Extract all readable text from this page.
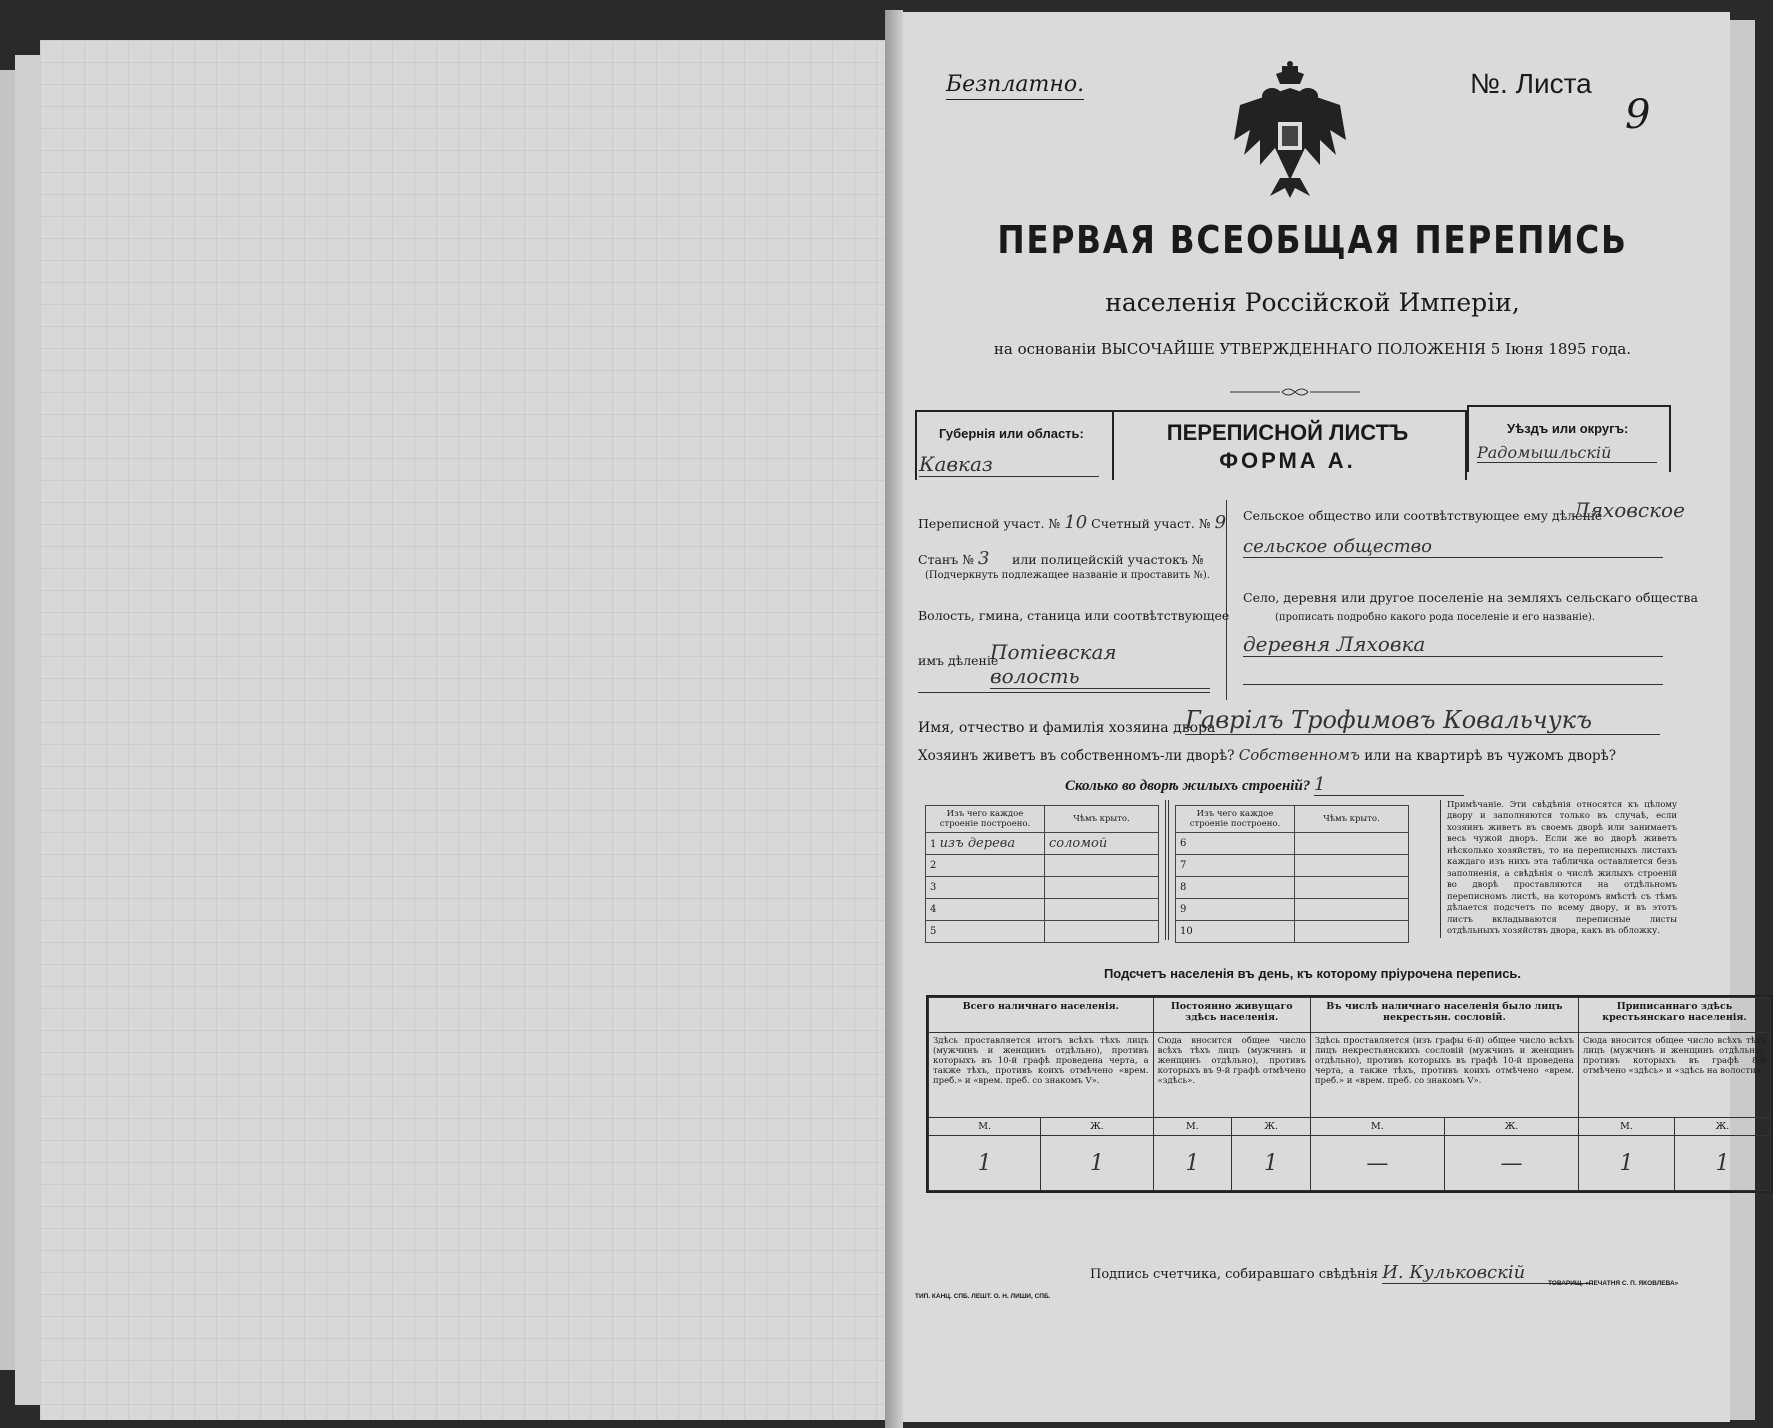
Безплатно.	№. Листа
9
ПЕРВАЯ ВСЕОБЩАЯ ПЕРЕПИСЬ
населенія Россійской Имперіи,
на основаніи ВЫСОЧАЙШЕ УТВЕРЖДЕННАГО ПОЛОЖЕНІЯ 5 Іюня 1895 года.
Губернія или область:
Кавказ
ПЕРЕПИСНОЙ ЛИСТЪ
ФОРМА А.
Уѣздъ или округъ:
Радомышльскій
Переписной участ. № 10 Счетный участ. № 9
Станъ № 3 или полицейскій участокъ №
(Подчеркнуть подлежащее названіе и проставить №).
Волость, гмина, станица или соотвѣтствующее
имъ дѣленіе
Потіевская волость
Сельское общество или соотвѣтствующее ему дѣленіе
Ляховское
сельское общество
Село, деревня или другое поселеніе на земляхъ сельскаго общества
(прописать подробно какого рода поселеніе и его названіе).
деревня Ляховка
Имя, отчество и фамилія хозяина двора
Гаврілъ Трофимовъ Ковальчукъ
Хозяинъ живетъ въ собственномъ-ли дворѣ? Собственномъ или на квартирѣ въ чужомъ дворѣ?
Сколько во дворѣ жилыхъ строеній? 1
Изъ чего каждое строеніе построено.	Чѣмъ крыто.
1 изъ дерева	соломой
2	
3	
4	
5	
Изъ чего каждое строеніе построено.	Чѣмъ крыто.
6	
7	
8	
9	
10	
Примѣчаніе. Эти свѣдѣнія относятся къ цѣлому двору и заполняются только въ случаѣ, если хозяинъ живетъ въ своемъ дворѣ или занимаетъ весь чужой дворъ. Если же во дворѣ живетъ нѣсколько хозяйствъ, то на переписныхъ листахъ каждаго изъ нихъ эта табличка оставляется безъ заполненія, а свѣдѣнія о числѣ жилыхъ строеній во дворѣ проставляются на отдѣльномъ переписномъ листѣ, на которомъ вмѣстѣ съ тѣмъ дѣлается подсчетъ по всему двору, и въ этотъ листъ вкладываются переписные листы отдѣльныхъ хозяйствъ двора, какъ въ обложку.
Подсчетъ населенія въ день, къ которому пріурочена перепись.
Всего наличнаго населенія.		Постоянно живущаго здѣсь населенія.		Въ числѣ наличнаго населенія было лицъ некрестьян. сословій.		Приписаннаго здѣсь крестьянскаго населенія.	
Здѣсь проставляется итогъ всѣхъ тѣхъ лицъ (мужчинъ и женщинъ отдѣльно), противъ которыхъ въ 10-й графѣ проведена черта, а также тѣхъ, противъ коихъ отмѣчено «врем. преб.» и «врем. преб. со знакомъ V».		Сюда вносится общее число всѣхъ тѣхъ лицъ (мужчинъ и женщинъ отдѣльно), противъ которыхъ въ 9-й графѣ отмѣчено «здѣсь».		Здѣсь проставляется (изъ графы 6-й) общее число всѣхъ лицъ некрестьянскихъ сословій (мужчинъ и женщинъ отдѣльно), противъ которыхъ въ графѣ 10-й проведена черта, а также тѣхъ, противъ коихъ отмѣчено «врем. преб.» и «врем. преб. со знакомъ V».		Сюда вносится общее число всѣхъ тѣхъ лицъ (мужчинъ и женщинъ отдѣльно), противъ которыхъ въ графѣ 8-й отмѣчено «здѣсь» и «здѣсь на волости».	
М.	Ж.	М.	Ж.	М.	Ж.	М.	Ж.
1	1	1	1	—	—	1	1
Подпись счетчика, собиравшаго свѣдѣнія И. Кульковскій
ТИП. КАНЦ. СПБ. ЛЕШТ. О. Н. ЛИШИ, СПБ.
ТОВАРИЩ. «ПЕЧАТНЯ С. П. ЯКОВЛЕВА»
